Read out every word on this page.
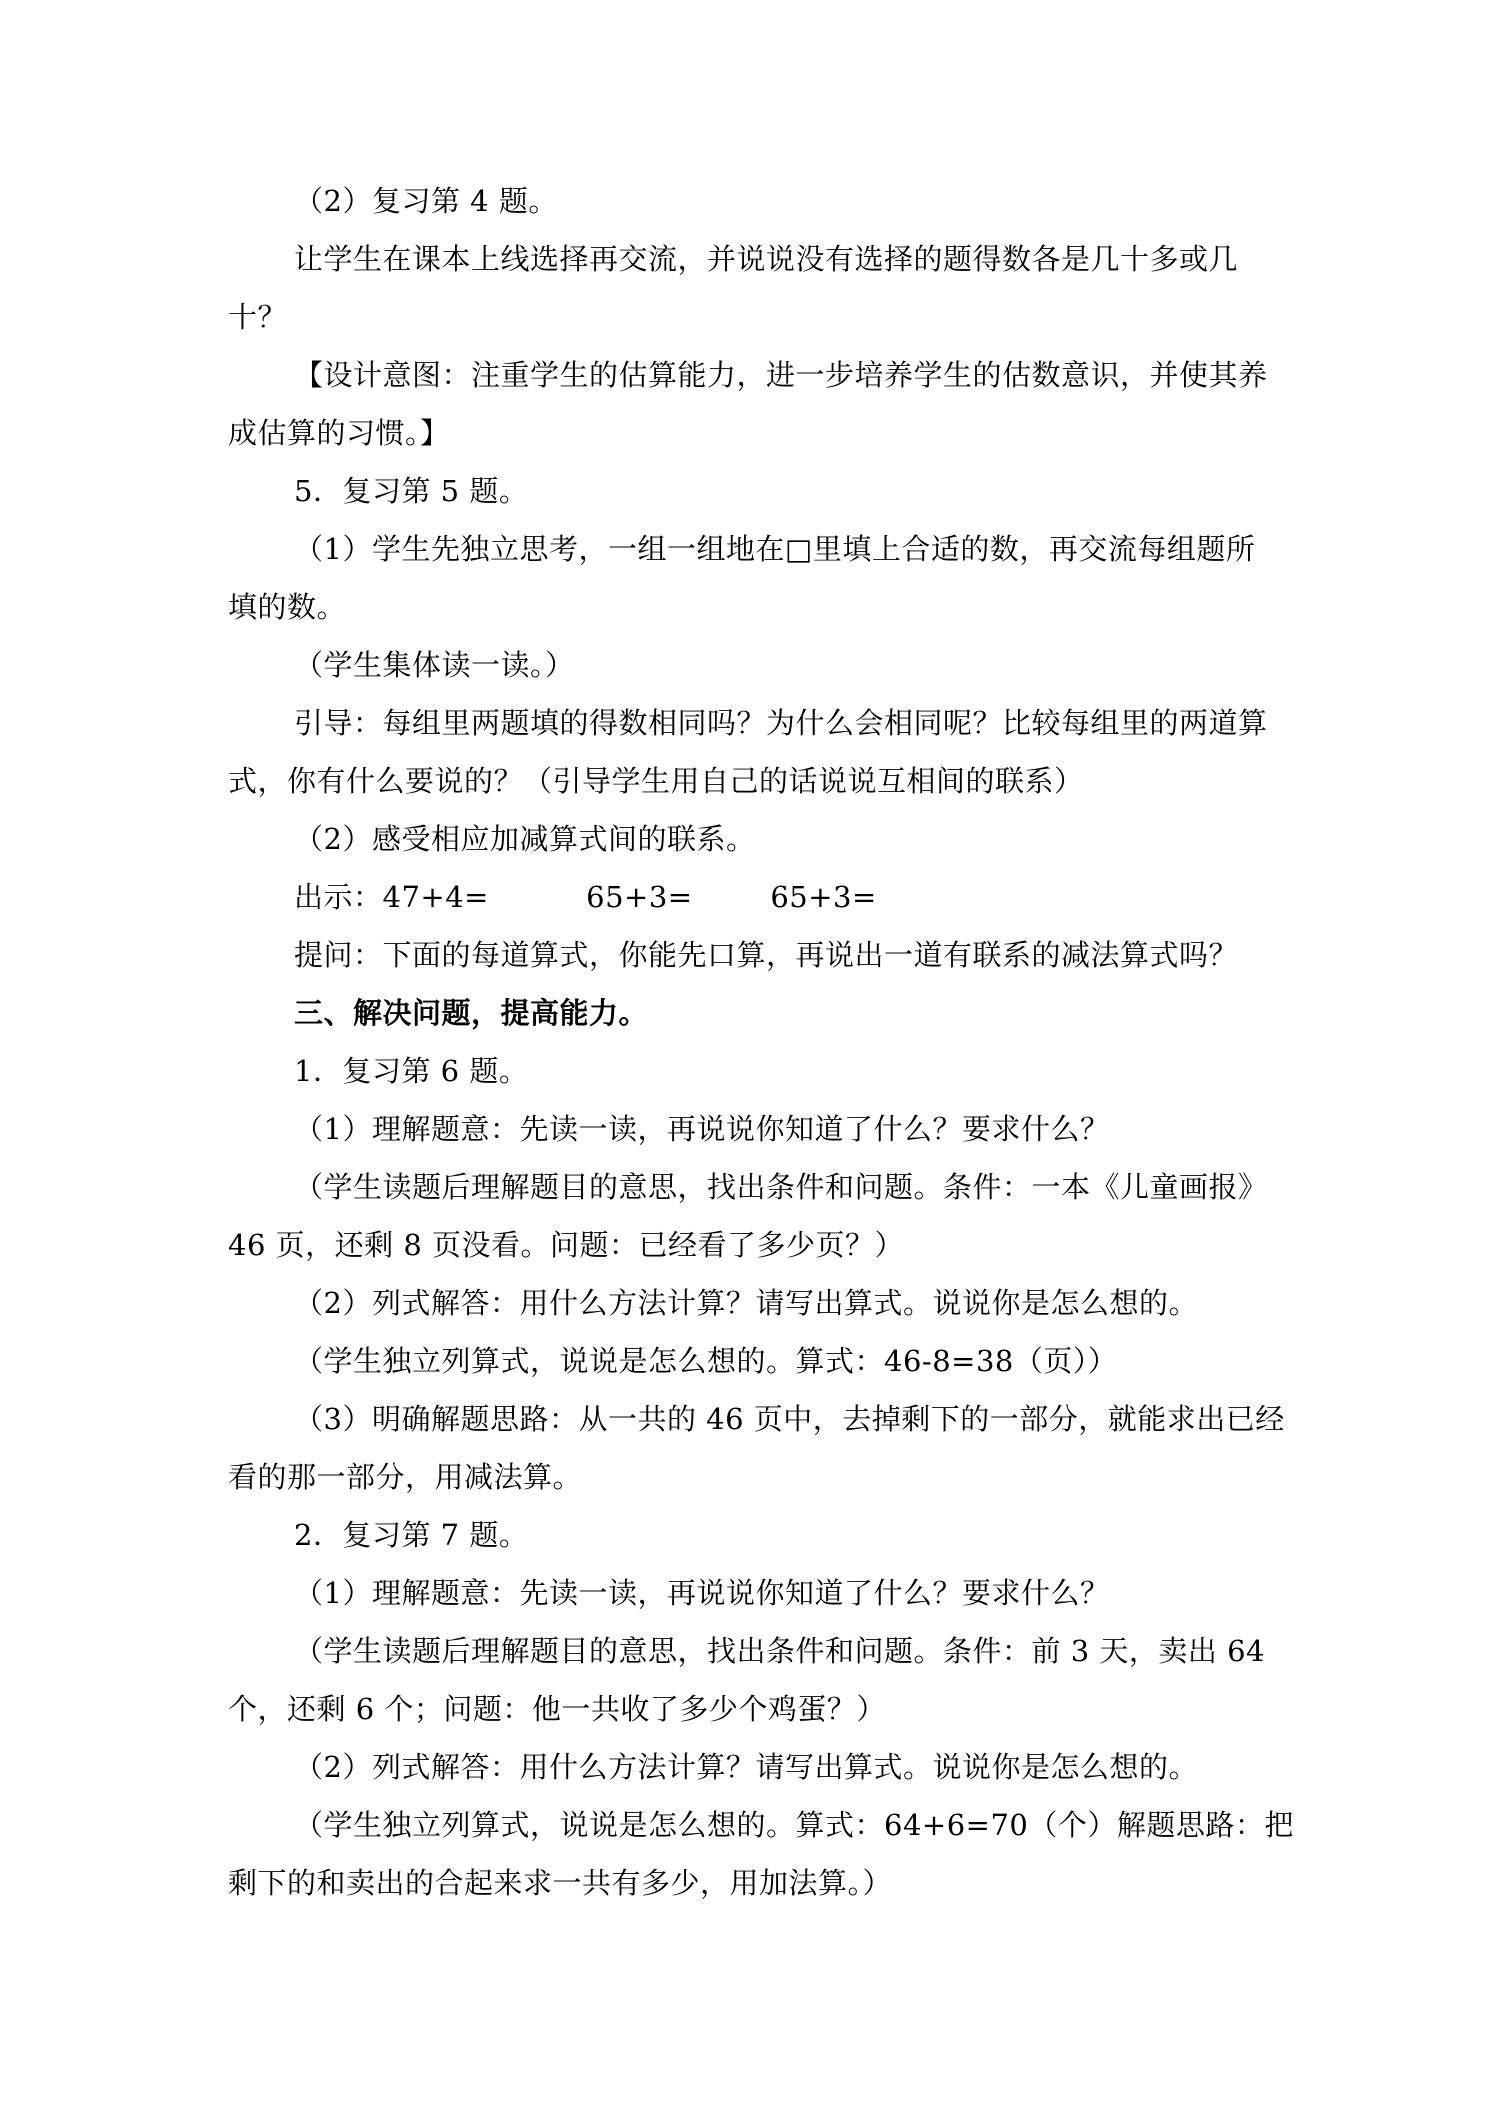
（2）复习第 4 题。
让学生在课本上线选择再交流，并说说没有选择的题得数各是几十多或几
十？
【设计意图：注重学生的估算能力，进一步培养学生的估数意识，并使其养
成估算的习惯。】
5．复习第 5 题。
（1）学生先独立思考，一组一组地在□里填上合适的数，再交流每组题所
填的数。
（学生集体读一读。）
引导：每组里两题填的得数相同吗？为什么会相同呢？比较每组里的两道算
式，你有什么要说的？（引导学生用自己的话说说互相间的联系）
（2）感受相应加减算式间的联系。
出示：47+4=          65+3=        65+3=
提问：下面的每道算式，你能先口算，再说出一道有联系的减法算式吗？
三、解决问题，提高能力。
1．复习第 6 题。
（1）理解题意：先读一读，再说说你知道了什么？要求什么？
（学生读题后理解题目的意思，找出条件和问题。条件：一本《儿童画报》
46 页，还剩 8 页没看。问题：已经看了多少页？）
（2）列式解答：用什么方法计算？请写出算式。说说你是怎么想的。
（学生独立列算式，说说是怎么想的。算式：46-8=38（页））
（3）明确解题思路：从一共的 46 页中，去掉剩下的一部分，就能求出已经
看的那一部分，用减法算。
2．复习第 7 题。
（1）理解题意：先读一读，再说说你知道了什么？要求什么？
（学生读题后理解题目的意思，找出条件和问题。条件：前 3 天，卖出 64
个，还剩 6 个；问题：他一共收了多少个鸡蛋？）
（2）列式解答：用什么方法计算？请写出算式。说说你是怎么想的。
（学生独立列算式，说说是怎么想的。算式：64+6=70（个）解题思路：把
剩下的和卖出的合起来求一共有多少，用加法算。）
